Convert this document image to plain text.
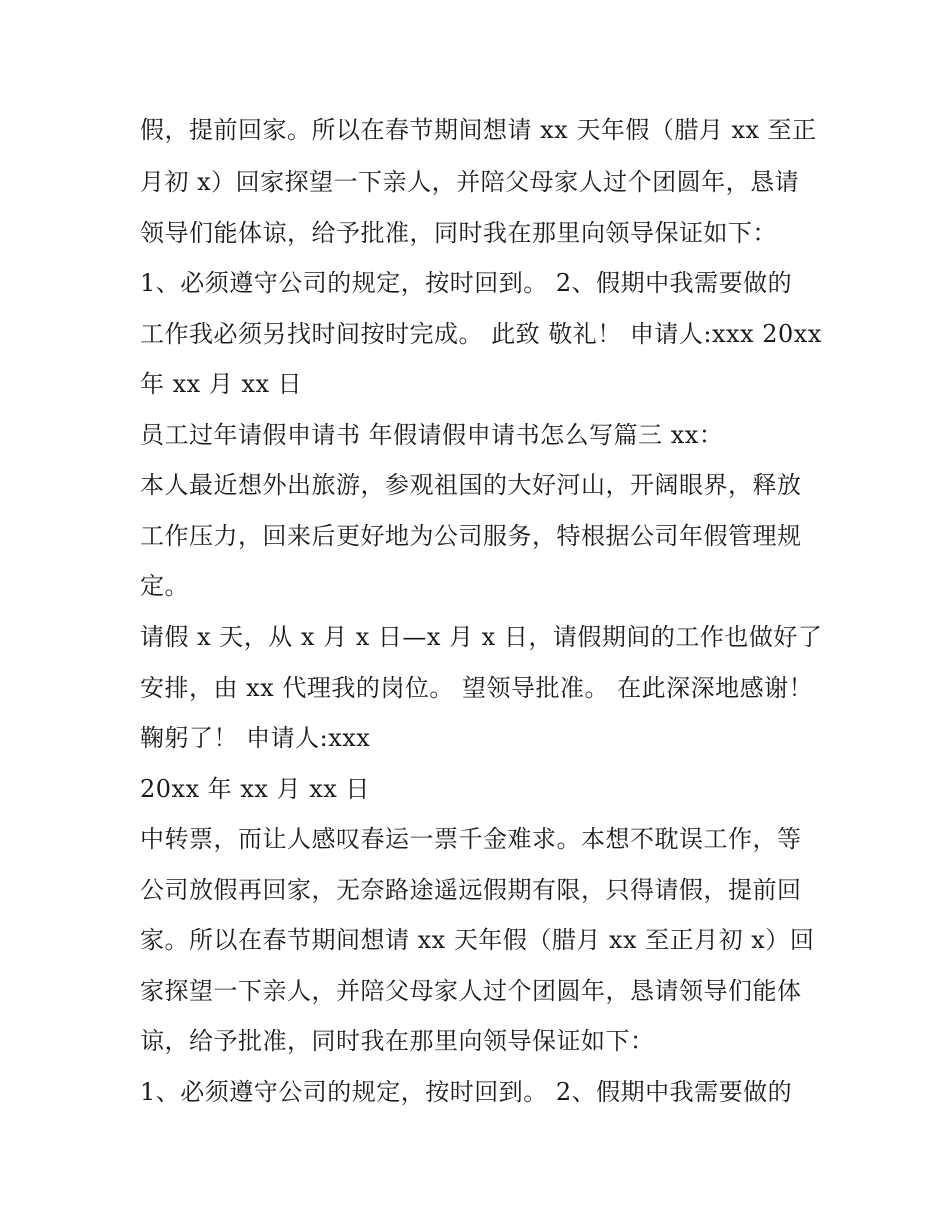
假，提前回家。所以在春节期间想请 xx 天年假（腊月 xx 至正
月初 x）回家探望一下亲人，并陪父母家人过个团圆年，恳请
领导们能体谅，给予批准，同时我在那里向领导保证如下：
1、必须遵守公司的规定，按时回到。 2、假期中我需要做的
工作我必须另找时间按时完成。 此致 敬礼！ 申请人:xxx 20xx
年 xx 月 xx 日
员工过年请假申请书 年假请假申请书怎么写篇三 xx：
本人最近想外出旅游，参观祖国的大好河山，开阔眼界，释放
工作压力，回来后更好地为公司服务，特根据公司年假管理规
定。
请假 x 天，从 x 月 x 日—x 月 x 日，请假期间的工作也做好了
安排，由 xx 代理我的岗位。 望领导批准。 在此深深地感谢！
鞠躬了！ 申请人:xxx
20xx 年 xx 月 xx 日
中转票，而让人感叹春运一票千金难求。本想不耽误工作，等
公司放假再回家，无奈路途遥远假期有限，只得请假，提前回
家。所以在春节期间想请 xx 天年假（腊月 xx 至正月初 x）回
家探望一下亲人，并陪父母家人过个团圆年，恳请领导们能体
谅，给予批准，同时我在那里向领导保证如下：
1、必须遵守公司的规定，按时回到。 2、假期中我需要做的
